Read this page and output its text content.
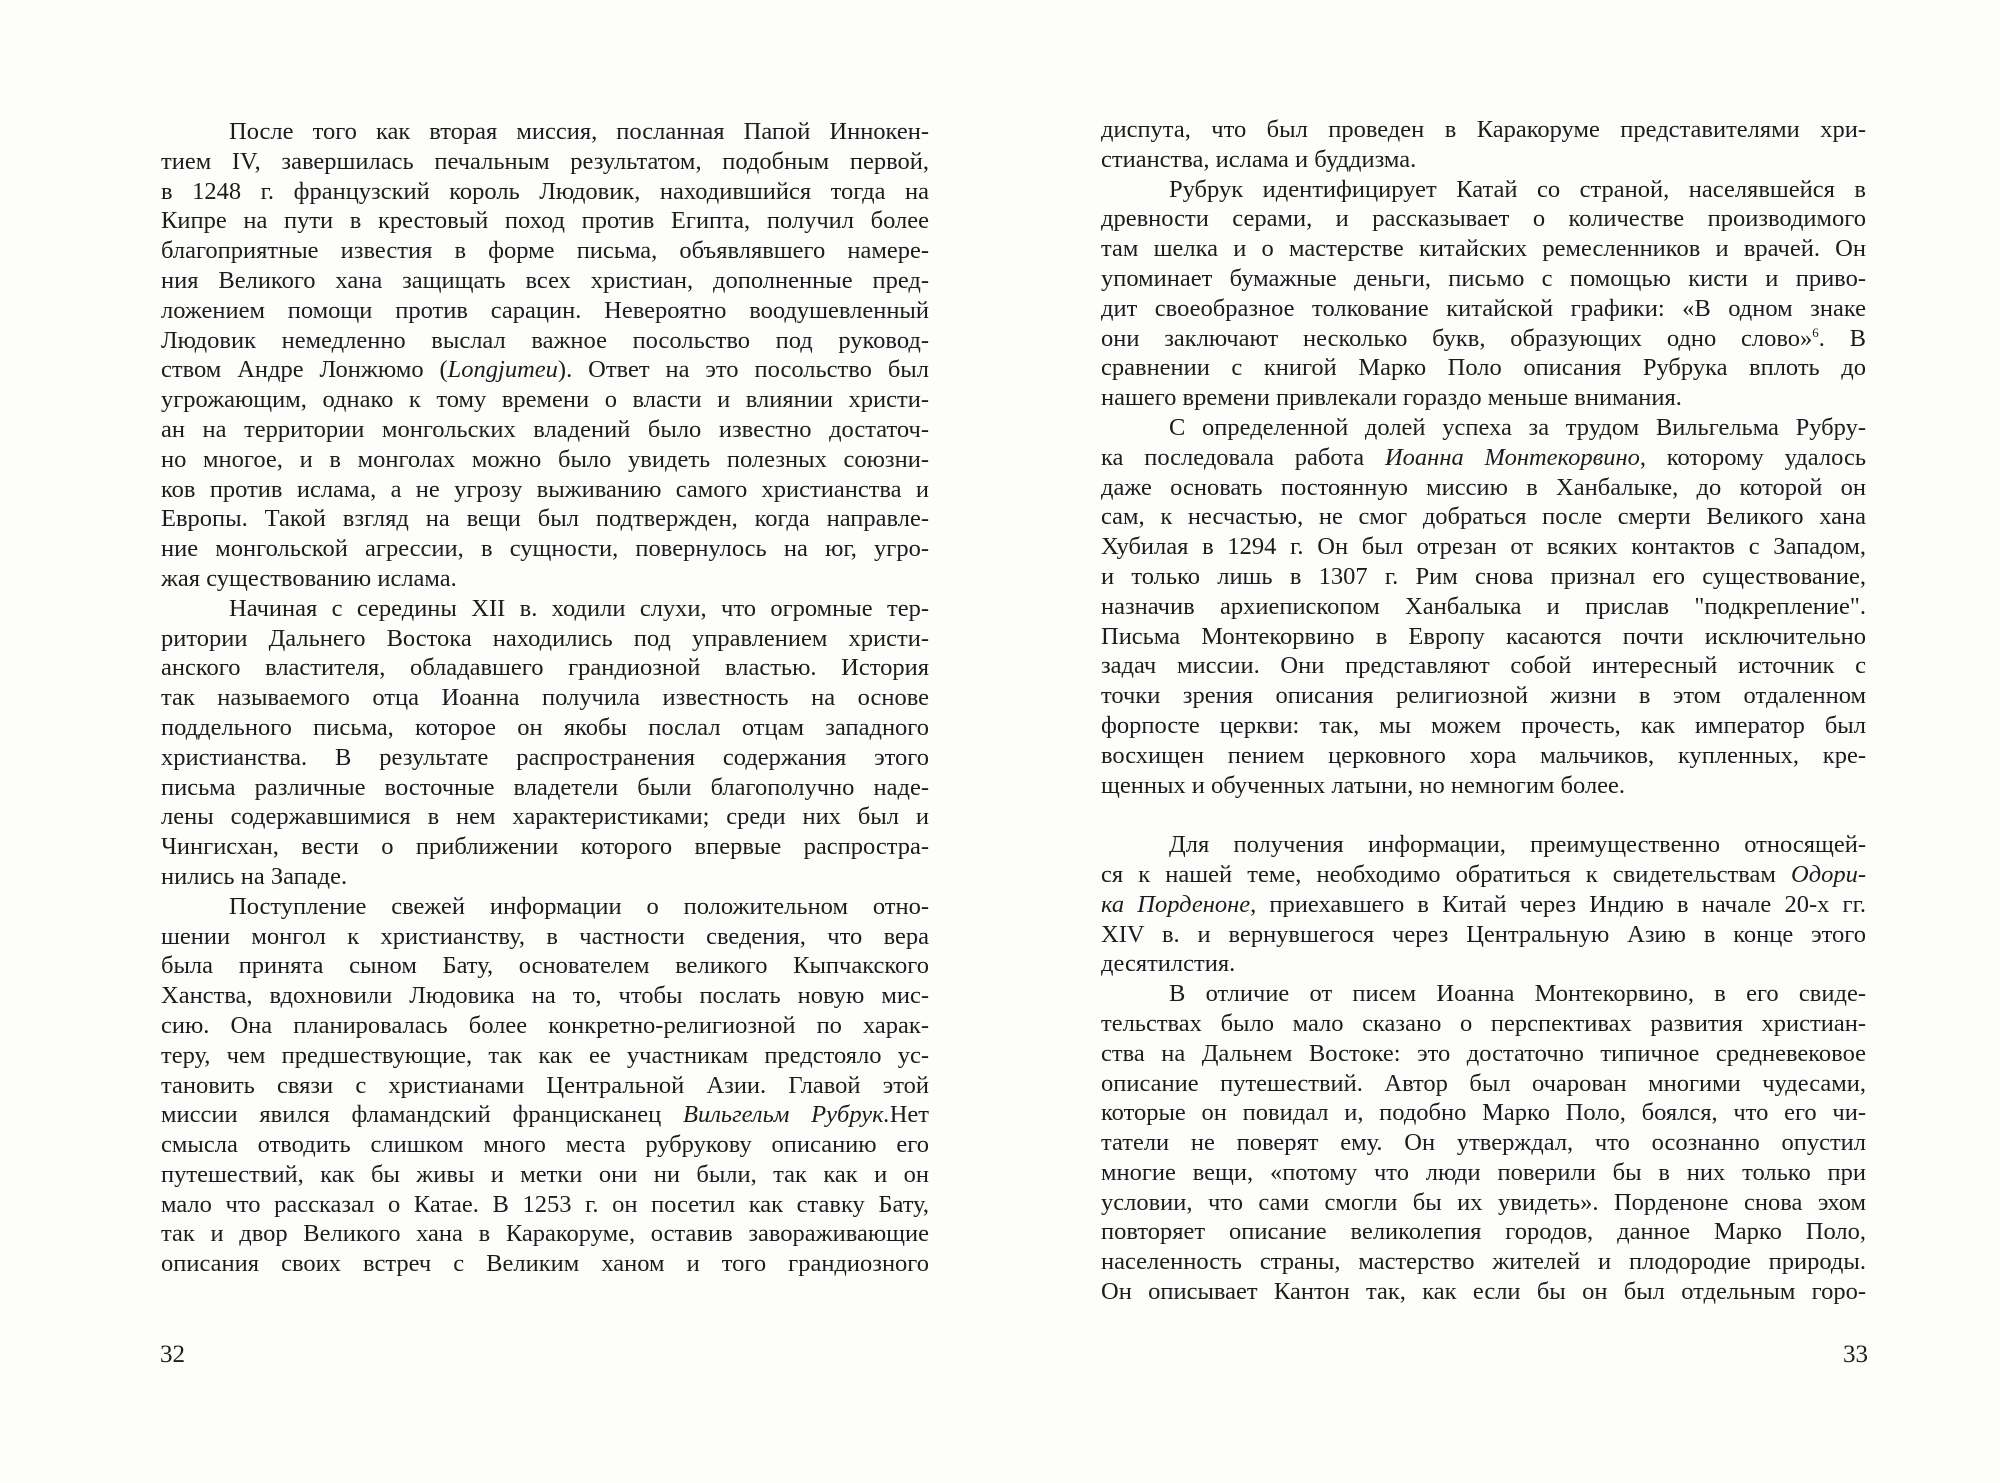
После того как вторая миссия, посланная Папой Иннокен-
тием IV, завершилась печальным результатом, подобным первой,
в 1248 г. французский король Людовик, находившийся тогда на
Кипре на пути в крестовый поход против Египта, получил более
благоприятные известия в форме письма, объявлявшего намере-
ния Великого хана защищать всех христиан, дополненные пред-
ложением помощи против сарацин. Невероятно воодушевленный
Людовик немедленно выслал важное посольство под руковод-
ством Андре Лонжюмо (Longjumeu). Ответ на это посольство был
угрожающим, однако к тому времени о власти и влиянии христи-
ан на территории монгольских владений было известно достаточ-
но многое, и в монголах можно было увидеть полезных союзни-
ков против ислама, а не угрозу выживанию самого христианства и
Европы. Такой взгляд на вещи был подтвержден, когда направле-
ние монгольской агрессии, в сущности, повернулось на юг, угро-
жая существованию ислама.
Начиная с середины XII в. ходили слухи, что огромные тер-
ритории Дальнего Востока находились под управлением христи-
анского властителя, обладавшего грандиозной властью. История
так называемого отца Иоанна получила известность на основе
поддельного письма, которое он якобы послал отцам западного
христианства. В результате распространения содержания этого
письма различные восточные владетели были благополучно наде-
лены содержавшимися в нем характеристиками; среди них был и
Чингисхан, вести о приближении которого впервые распростра-
нились на Западе.
Поступление свежей информации о положительном отно-
шении монгол к христианству, в частности сведения, что вера
была принята сыном Бату, основателем великого Кыпчакского
Ханства, вдохновили Людовика на то, чтобы послать новую мис-
сию. Она планировалась более конкретно-религиозной по харак-
теру, чем предшествующие, так как ее участникам предстояло ус-
тановить связи с христианами Центральной Азии. Главой этой
миссии явился фламандский францисканец Вильгельм Рубрук.Нет
смысла отводить слишком много места рубрукову описанию его
путешествий, как бы живы и метки они ни были, так как и он
мало что рассказал о Катае. В 1253 г. он посетил как ставку Бату,
так и двор Великого хана в Каракоруме, оставив завораживающие
описания своих встреч с Великим ханом и того грандиозного
диспута, что был проведен в Каракоруме представителями хри-
стианства, ислама и буддизма.
Рубрук идентифицирует Катай со страной, населявшейся в
древности серами, и рассказывает о количестве производимого
там шелка и о мастерстве китайских ремесленников и врачей. Он
упоминает бумажные деньги, письмо с помощью кисти и приво-
дит своеобразное толкование китайской графики: «В одном знаке
они заключают несколько букв, образующих одно слово»$^6$. В
сравнении с книгой Марко Поло описания Рубрука вплоть до
нашего времени привлекали гораздо меньше внимания.
С определенной долей успеха за трудом Вильгельма Рубру-
ка последовала работа Иоанна Монтекорвино, которому удалось
даже основать постоянную миссию в Ханбалыке, до которой он
сам, к несчастью, не смог добраться после смерти Великого хана
Хубилая в 1294 г. Он был отрезан от всяких контактов с Западом,
и только лишь в 1307 г. Рим снова признал его существование,
назначив архиепископом Ханбалыка и прислав "подкрепление".
Письма Монтекорвино в Европу касаются почти исключительно
задач миссии. Они представляют собой интересный источник с
точки зрения описания религиозной жизни в этом отдаленном
форпосте церкви: так, мы можем прочесть, как император был
восхищен пением церковного хора мальчиков, купленных, кре-
щенных и обученных латыни, но немногим более.
Для получения информации, преимущественно относящей-
ся к нашей теме, необходимо обратиться к свидетельствам Одори-
ка Порденоне, приехавшего в Китай через Индию в начале 20-х гг.
XIV в. и вернувшегося через Центральную Азию в конце этого
десятилстия.
В отличие от писем Иоанна Монтекорвино, в его свиде-
тельствах было мало сказано о перспективах развития христиан-
ства на Дальнем Востоке: это достаточно типичное средневековое
описание путешествий. Автор был очарован многими чудесами,
которые он повидал и, подобно Марко Поло, боялся, что его чи-
татели не поверят ему. Он утверждал, что осознанно опустил
многие вещи, «потому что люди поверили бы в них только при
условии, что сами смогли бы их увидеть». Порденоне снова эхом
повторяет описание великолепия городов, данное Марко Поло,
населенность страны, мастерство жителей и плодородие природы.
Он описывает Кантон так, как если бы он был отдельным горо-
32	33
